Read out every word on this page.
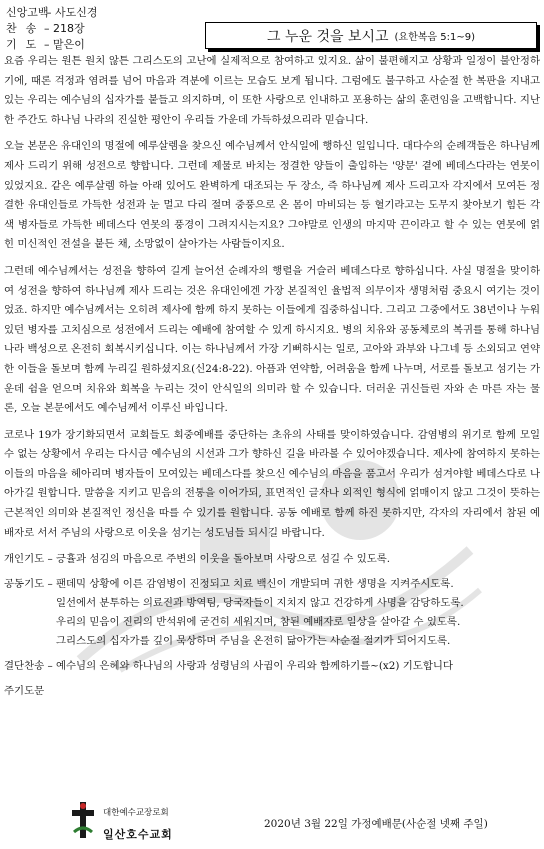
신앙고백
– 사도신경
찬송
– 218장
기도
– 맡은이	그 누운 것을 보시고 (요한복음 5:1~9)

요즘 우리는 원튼 원치 않튼 그리스도의 고난에 실제적으로 참여하고 있지요. 삶이 불편해지고 상황과 일정이 불안정하기에, 때론 걱정과 염려를 넘어 마음과 격분에 이르는 모습도 보게 됩니다. 그럼에도 불구하고 사순절 한 복판을 지내고 있는 우리는 예수님의 십자가를 붙들고 의지하며, 이 또한 사랑으로 인내하고 포용하는 삶의 훈련임을 고백합니다. 지난 한 주간도 하나님 나라의 진실한 평안이 우리들 가운데 가득하셨으리라 믿습니다.

오늘 본문은 유대인의 명절에 예루살렘을 찾으신 예수님께서 안식일에 행하신 일입니다. 대다수의 순례객들은 하나님께 제사 드리기 위해 성전으로 향합니다. 그런데 제물로 바치는 정결한 양들이 출입하는 '양문' 곁에 베데스다라는 연못이 있었지요. 같은 예루살렘 하늘 아래 있어도 완벽하게 대조되는 두 장소, 즉 하나님께 제사 드리고자 각지에서 모여든 정결한 유대인들로 가득한 성전과 눈 멀고 다리 절며 중풍으로 온 몸이 마비되는 등 혈기라고는 도무지 찾아보기 힘든 각색 병자들로 가득한 베데스다 연못의 풍경이 그려지시는지요? 그야말로 인생의 마지막 끈이라고 할 수 있는 연못에 얽힌 미신적인 전설을 붙든 채, 소망없이 살아가는 사람들이지요.

그런데 예수님께서는 성전을 향하여 길게 늘어선 순례자의 행렬을 거슬러 베데스다로 향하십니다. 사실 명절을 맞이하여 성전을 향하여 하나님께 제사 드리는 것은 유대인에겐 가장 본질적인 율법적 의무이자 생명처럼 중요시 여기는 것이었죠. 하지만 예수님께서는 오히려 제사에 함께 하지 못하는 이들에게 집중하십니다. 그리고 그중에서도 38년이나 누워있던 병자를 고치심으로 성전에서 드리는 예배에 참여할 수 있게 하시지요. 병의 치유와 공동체로의 복귀를 통해 하나님 나라 백성으로 온전히 회복시키십니다. 이는 하나님께서 가장 기뻐하시는 일로, 고아와 과부와 나그네 등 소외되고 연약한 이들을 돌보며 함께 누리길 원하셨지요(신24:8-22). 아픔과 연약함, 어려움을 함께 나누며, 서로를 돌보고 섬기는 가운데 쉼을 얻으며 치유와 회복을 누리는 것이 안식일의 의미라 할 수 있습니다. 더러운 귀신들린 자와 손 마른 자는 물론, 오늘 본문에서도 예수님께서 이루신 바입니다.

코로나 19가 장기화되면서 교회들도 회중예배를 중단하는 초유의 사태를 맞이하였습니다. 감염병의 위기로 함께 모일 수 없는 상황에서 우리는 다시금 예수님의 시선과 그가 향하신 길을 바라볼 수 있어야겠습니다. 제사에 참여하지 못하는 이들의 마음을 헤아리며 병자들이 모여있는 베데스다를 찾으신 예수님의 마음을 품고서 우리가 섬겨야할 베데스다로 나아가길 원합니다. 말씀을 지키고 믿음의 전통을 이어가되, 표면적인 글자나 외적인 형식에 얽매이지 않고 그것이 뜻하는 근본적인 의미와 본질적인 정신을 따를 수 있기를 원합니다. 공동 예배로 함께 하진 못하지만, 각자의 자리에서 참된 예배자로 서서 주님의 사랑으로 이웃을 섬기는 성도님들 되시길 바랍니다.

개인기도 –
긍휼과 섬김의 마음으로 주변의 이웃을 돌아보며 사랑으로 섬길 수 있도록.
공동기도 –
팬데믹 상황에 이른 감염병이 진정되고 치료 백신이 개발되며 귀한 생명을 지켜주시도록.
일선에서 분투하는 의료진과 방역팀, 당국자들이 지치지 않고 건강하게 사명을 감당하도록.
우리의 믿음이 진리의 반석위에 굳건히 세워지며, 참된 예배자로 일상을 살아갈 수 있도록.
그리스도의 십자가를 깊이 묵상하며 주님을 온전히 닮아가는 사순절 절기가 되어지도록.
결단찬송 –
예수님의 은혜와 하나님의 사랑과 성령님의 사귐이 우리와 함께하기를~(x2) 기도합니다
주기도문
대한예수교장로회
일산호수교회
2020년 3월 22일 가정예배문(사순절 넷째 주일)
